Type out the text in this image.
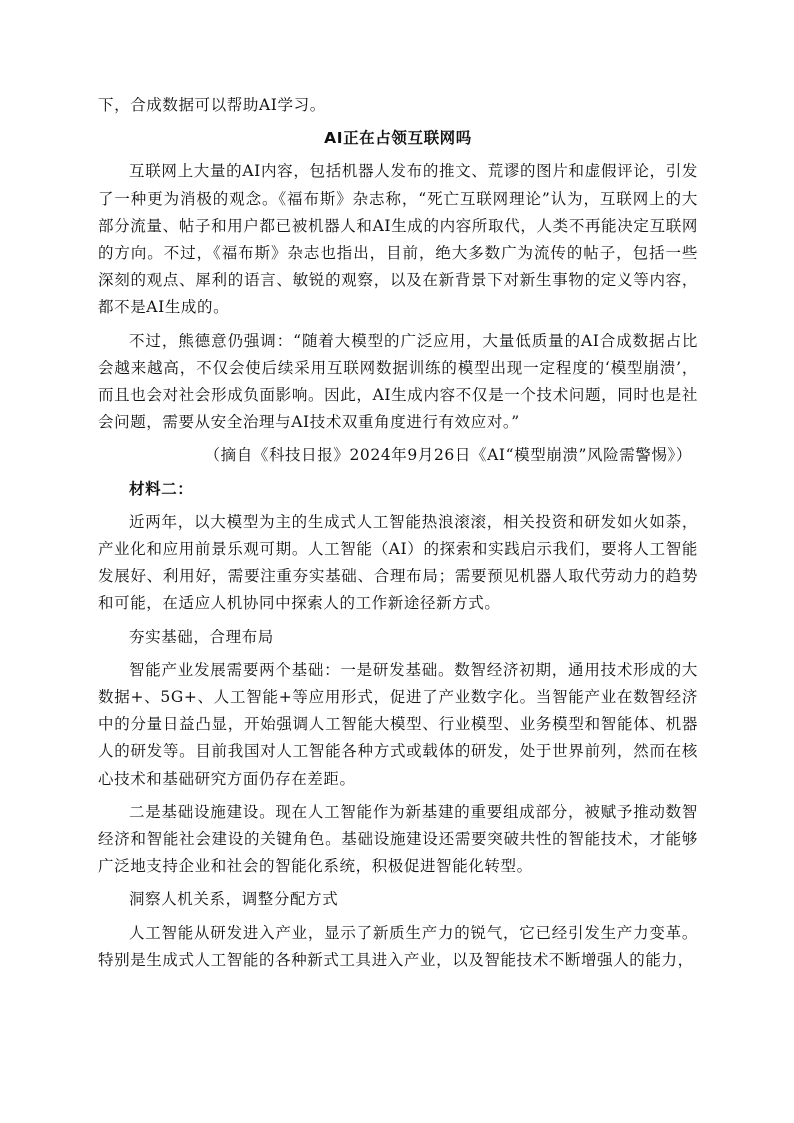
下，合成数据可以帮助AI学习。

AI正在占领互联网吗

互联网上大量的AI内容，包括机器人发布的推文、荒谬的图片和虚假评论，引发了一种更为消极的观念。《福布斯》杂志称，“死亡互联网理论”认为，互联网上的大部分流量、帖子和用户都已被机器人和AI生成的内容所取代，人类不再能决定互联网的方向。不过，《福布斯》杂志也指出，目前，绝大多数广为流传的帖子，包括一些深刻的观点、犀利的语言、敏锐的观察，以及在新背景下对新生事物的定义等内容，都不是AI生成的。

不过，熊德意仍强调：“随着大模型的广泛应用，大量低质量的AI合成数据占比会越来越高，不仅会使后续采用互联网数据训练的模型出现一定程度的‘模型崩溃’，而且也会对社会形成负面影响。因此，AI生成内容不仅是一个技术问题，同时也是社会问题，需要从安全治理与AI技术双重角度进行有效应对。”

（摘自《科技日报》2024年9月26日《AI“模型崩溃”风险需警惕》）

材料二：

近两年，以大模型为主的生成式人工智能热浪滚滚，相关投资和研发如火如荼，产业化和应用前景乐观可期。人工智能（AI）的探索和实践启示我们，要将人工智能发展好、利用好，需要注重夯实基础、合理布局；需要预见机器人取代劳动力的趋势和可能，在适应人机协同中探索人的工作新途径新方式。

夯实基础，合理布局

智能产业发展需要两个基础：一是研发基础。数智经济初期，通用技术形成的大数据+、5G+、人工智能+等应用形式，促进了产业数字化。当智能产业在数智经济中的分量日益凸显，开始强调人工智能大模型、行业模型、业务模型和智能体、机器人的研发等。目前我国对人工智能各种方式或载体的研发，处于世界前列，然而在核心技术和基础研究方面仍存在差距。

二是基础设施建设。现在人工智能作为新基建的重要组成部分，被赋予推动数智经济和智能社会建设的关键角色。基础设施建设还需要突破共性的智能技术，才能够广泛地支持企业和社会的智能化系统，积极促进智能化转型。

洞察人机关系，调整分配方式

人工智能从研发进入产业，显示了新质生产力的锐气，它已经引发生产力变革。特别是生成式人工智能的各种新式工具进入产业，以及智能技术不断增强人的能力，
